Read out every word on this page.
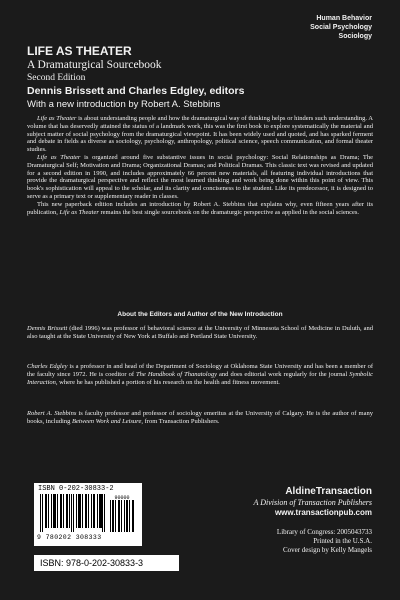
Human Behavior
Social Psychology
Sociology
LIFE AS THEATER
A Dramaturgical Sourcebook
Second Edition
Dennis Brissett and Charles Edgley, editors
With a new introduction by Robert A. Stebbins

Life as Theater is about understanding people and how the dramaturgical way of thinking helps or hinders such understanding. A volume that has deservedly attained the status of a landmark work, this was the first book to explore systematically the material and subject matter of social psychology from the dramaturgical viewpoint. It has been widely used and quoted, and has sparked ferment and debate in fields as diverse as sociology, psychology, anthropology, political science, speech communication, and formal theater studies.

Life as Theater is organized around five substantive issues in social psychology: Social Relationships as Drama; The Dramaturgical Self; Motivation and Drama; Organizational Dramas; and Political Dramas. This classic text was revised and updated for a second edition in 1990, and includes approximately 66 percent new materials, all featuring individual introductions that provide the dramaturgical perspective and reflect the most learned thinking and work being done within this point of view. This book's sophistication will appeal to the scholar, and its clarity and conciseness to the student. Like its predecessor, it is designed to serve as a primary text or supplementary reader in classes.

This new paperback edition includes an introduction by Robert A. Stebbins that explains why, even fifteen years after its publication, Life as Theater remains the best single sourcebook on the dramaturgic perspective as applied in the social sciences.

About the Editors and Author of the New Introduction

Dennis Brissett (died 1996) was professor of behavioral science at the University of Minnesota School of Medicine in Duluth, and also taught at the State University of New York at Buffalo and Portland State University.

Charles Edgley is a professor in and head of the Department of Sociology at Oklahoma State University and has been a member of the faculty since 1972. He is coeditor of The Handbook of Thanatology and does editorial work regularly for the journal Symbolic Interaction, where he has published a portion of his research on the health and fitness movement.

Robert A. Stebbins is faculty professor and professor of sociology emeritus at the University of Calgary. He is the author of many books, including Between Work and Leisure, from Transaction Publishers.

ISBN 0-202-30833-2
90000
9 780202 308333
ISBN: 978-0-202-30833-3
AldineTransaction
A Division of Transaction Publishers
www.transactionpub.com
Library of Congress: 2005043733
Printed in the U.S.A.
Cover design by Kelly Mangels
